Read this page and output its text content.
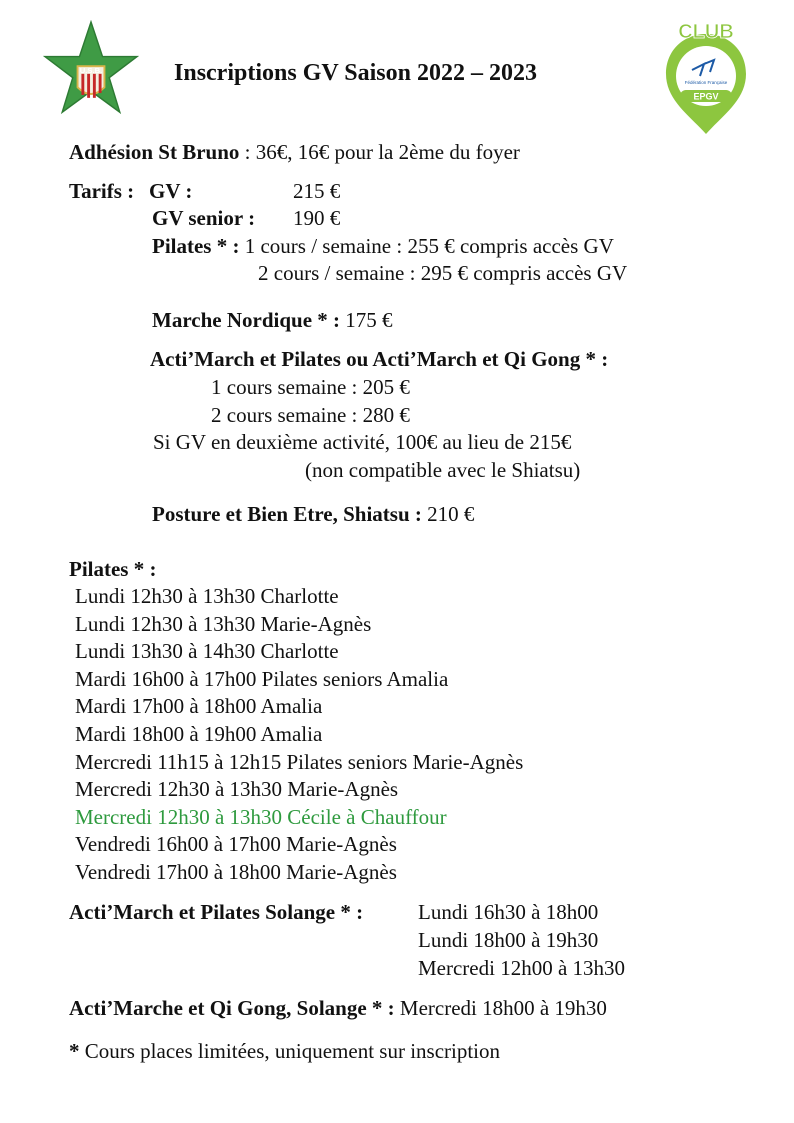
U.S.B.
CLUB
Fédération Française
EPGV
Inscriptions GV Saison 2022 – 2023
Adhésion St Bruno : 36€, 16€ pour la 2ème du foyer
Tarifs : GV :	215 €
GV senior : 190 €
Pilates * : 1 cours / semaine : 255 € compris accès GV
2 cours / semaine : 295 € compris accès GV
Marche Nordique * : 175 €
Acti’March et Pilates ou Acti’March et Qi Gong * :
1 cours semaine : 205 €
2 cours semaine : 280 €
Si GV en deuxième activité, 100€ au lieu de 215€
(non compatible avec le Shiatsu)
Posture et Bien Etre, Shiatsu : 210 €
Pilates * :
Lundi 12h30 à 13h30 Charlotte
Lundi 12h30 à 13h30 Marie-Agnès
Lundi 13h30 à 14h30 Charlotte
Mardi 16h00 à 17h00 Pilates seniors Amalia
Mardi 17h00 à 18h00 Amalia
Mardi 18h00 à 19h00 Amalia
Mercredi 11h15 à 12h15 Pilates seniors Marie-Agnès
Mercredi 12h30 à 13h30 Marie-Agnès
Mercredi 12h30 à 13h30 Cécile à Chauffour
Vendredi 16h00 à 17h00 Marie-Agnès
Vendredi 17h00 à 18h00 Marie-Agnès
Acti’March et Pilates Solange * :	Lundi 16h30 à 18h00
Lundi 18h00 à 19h30
Mercredi 12h00 à 13h30
Acti’Marche et Qi Gong, Solange * : Mercredi 18h00 à 19h30
* Cours places limitées, uniquement sur inscription
